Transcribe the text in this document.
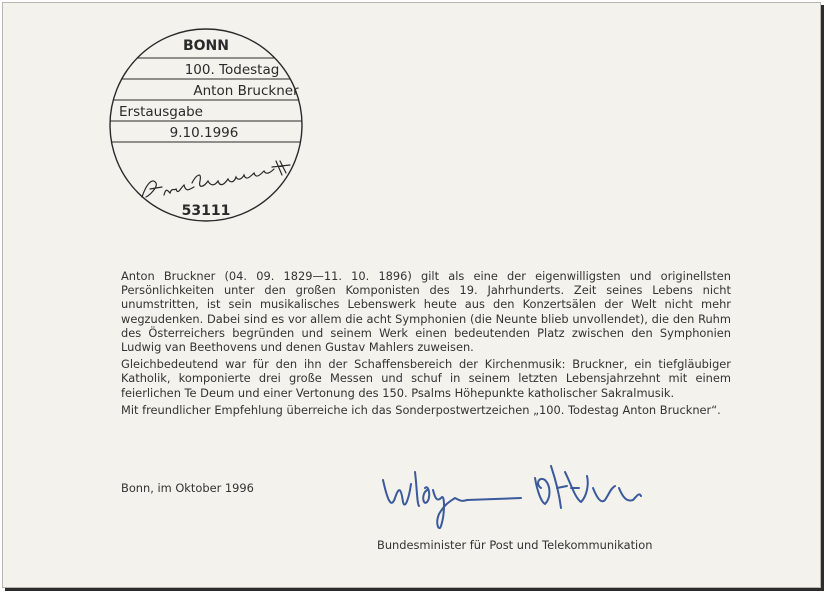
BONN
100. Todestag
Anton Bruckner
Erstausgabe
9.10.1996
53111

Anton Bruckner (04. 09. 1829—11. 10. 1896) gilt als eine der eigenwilligsten und originellsten Persönlichkeiten unter den großen Komponisten des 19. Jahrhunderts. Zeit seines Lebens nicht unumstritten, ist sein musikalisches Lebenswerk heute aus den Konzertsälen der Welt nicht mehr wegzudenken. Dabei sind es vor allem die acht Symphonien (die Neunte blieb unvollendet), die den Ruhm des Österreichers begründen und seinem Werk einen bedeutenden Platz zwischen den Symphonien Ludwig van Beethovens und denen Gustav Mahlers zuweisen.

Gleichbedeutend war für den ihn der Schaffensbereich der Kirchenmusik: Bruckner, ein tiefgläubiger Katholik, komponierte drei große Messen und schuf in seinem letzten Lebensjahrzehnt mit einem feierlichen Te Deum und einer Vertonung des 150. Psalms Höhepunkte katholischer Sakralmusik.

Mit freundlicher Empfehlung überreiche ich das Sonderpostwertzeichen „100. Todestag Anton Bruckner“.

Bonn, im Oktober 1996
Bundesminister für Post und Telekommunikation
